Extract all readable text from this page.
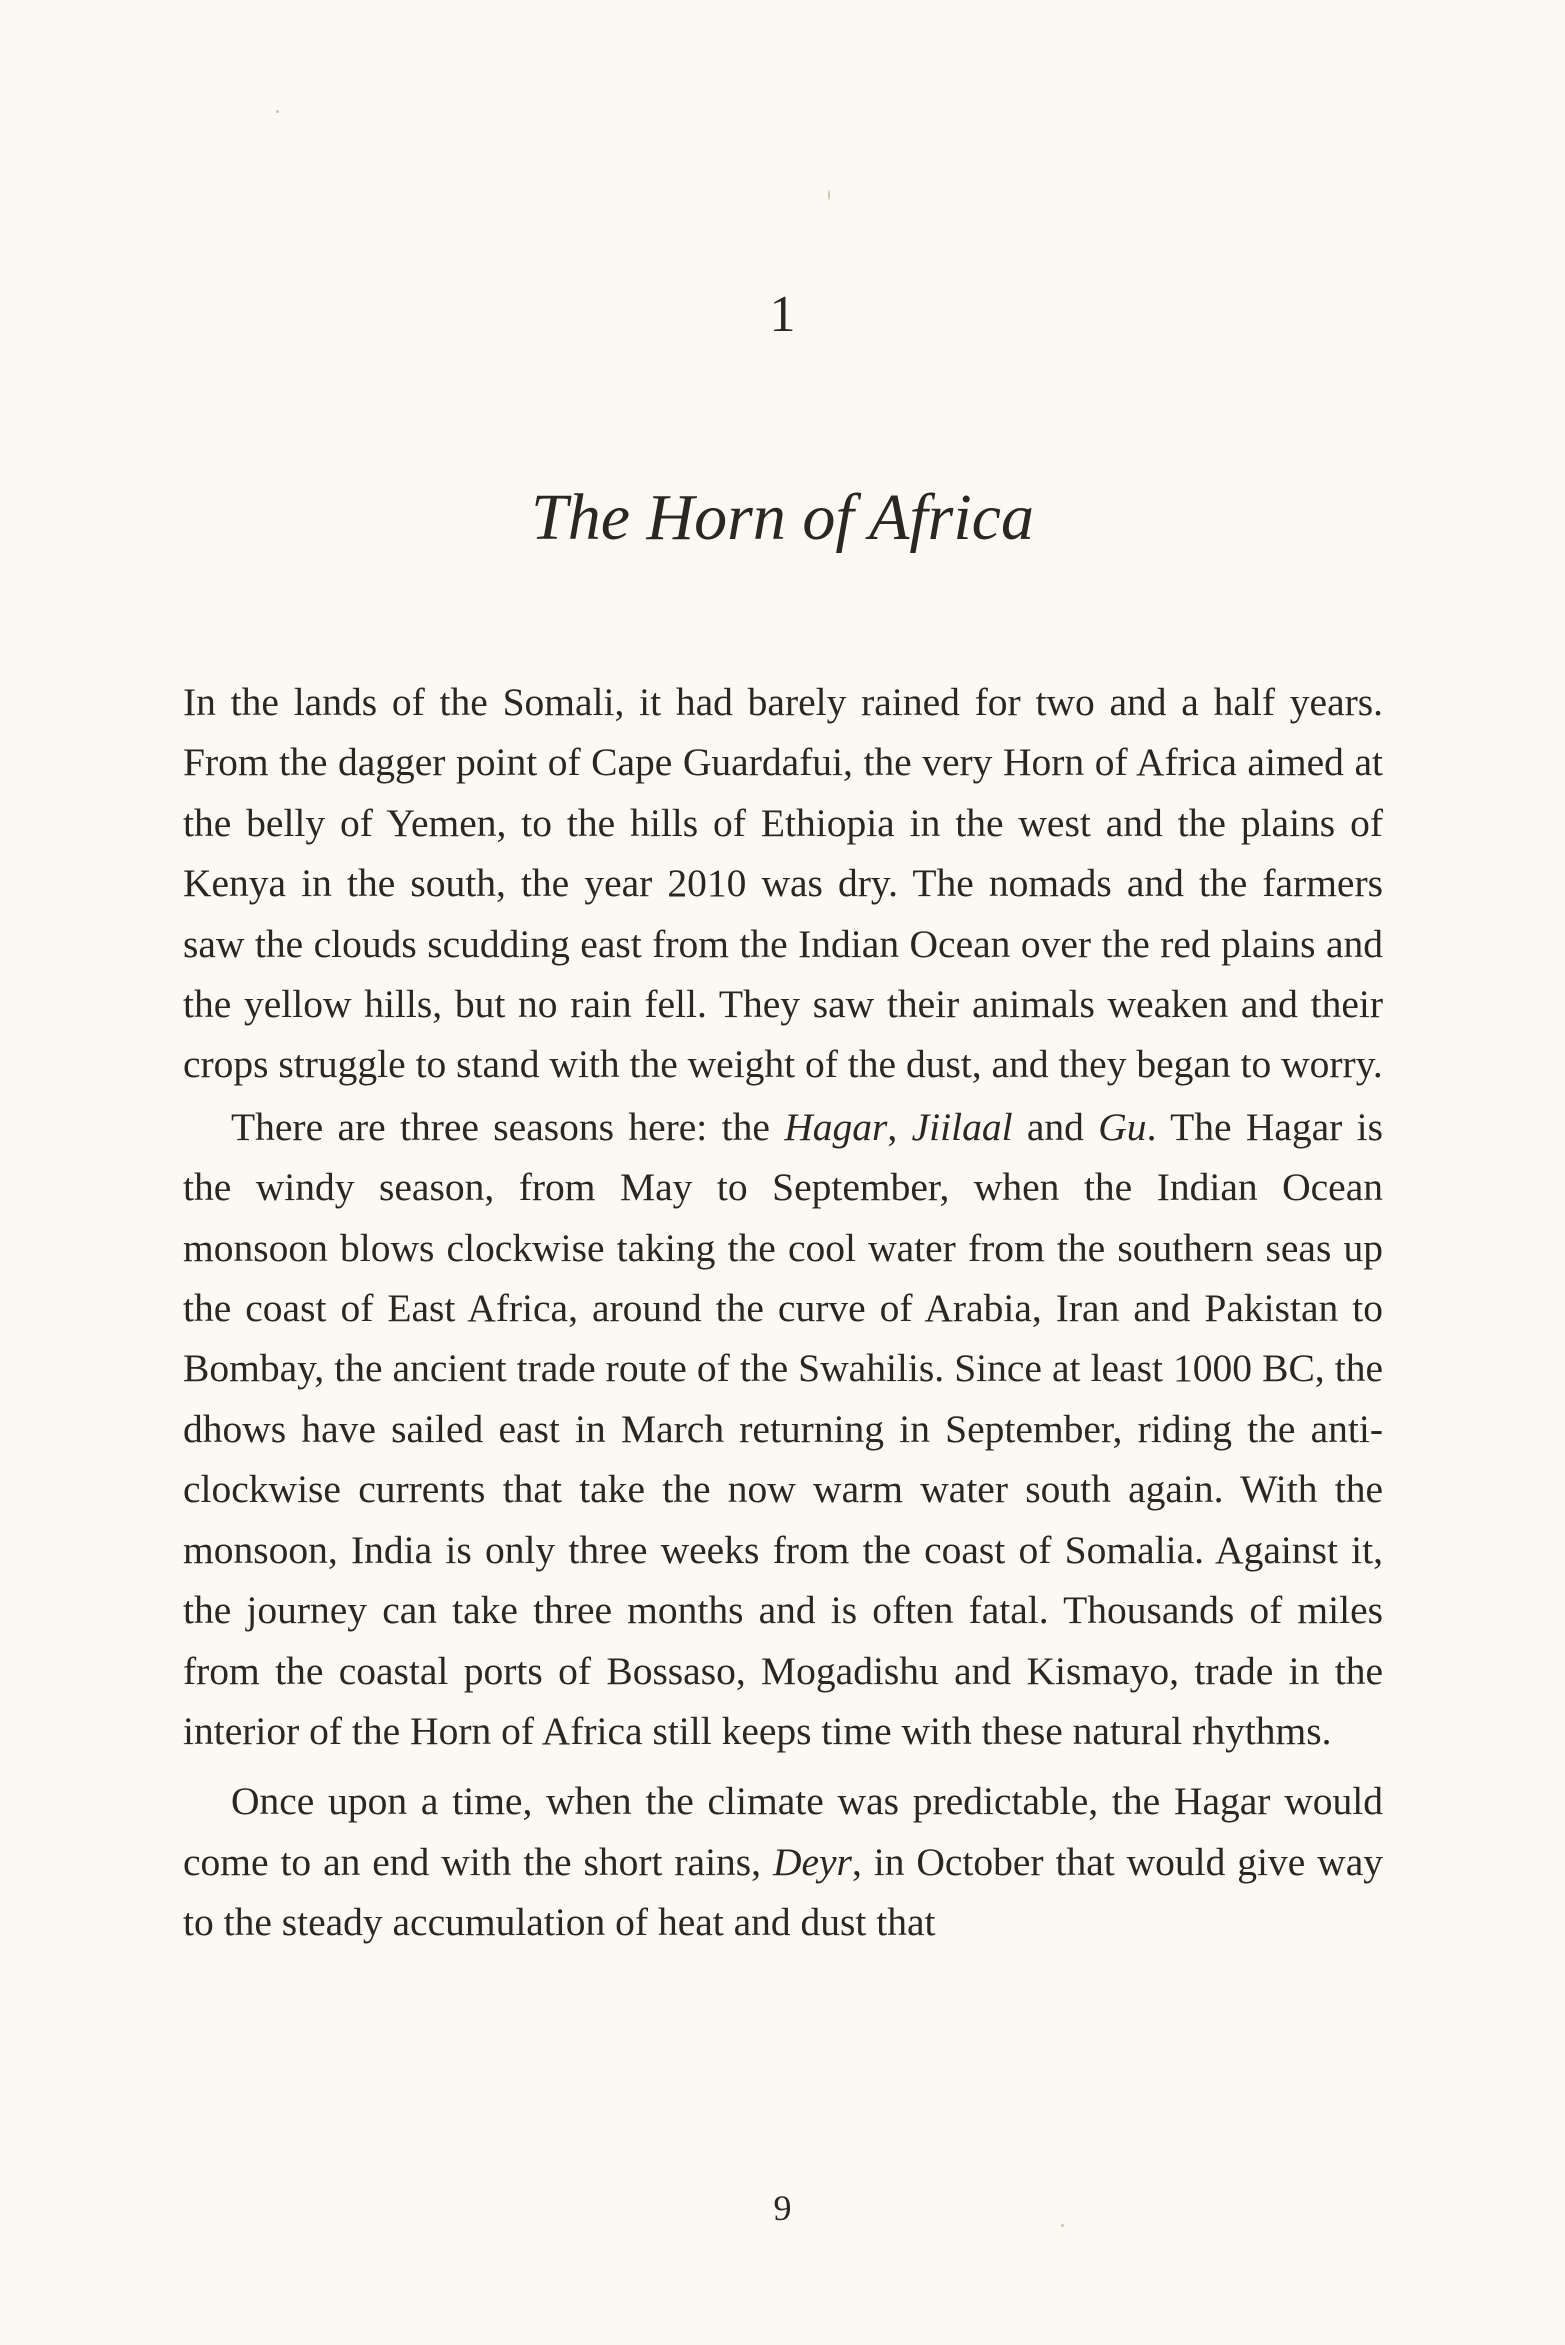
1
The Horn of Africa

In the lands of the Somali, it had barely rained for two and a half years. From the dagger point of Cape Guardafui, the very Horn of Africa aimed at the belly of Yemen, to the hills of Ethiopia in the west and the plains of Kenya in the south, the year 2010 was dry. The nomads and the farmers saw the clouds scudding east from the Indian Ocean over the red plains and the yellow hills, but no rain fell. They saw their animals weaken and their crops struggle to stand with the weight of the dust, and they began to worry.

There are three seasons here: the Hagar, Jiilaal and Gu. The Hagar is the windy season, from May to September, when the Indian Ocean monsoon blows clockwise taking the cool water from the southern seas up the coast of East Africa, around the curve of Arabia, Iran and Pakistan to Bombay, the ancient trade route of the Swahilis. Since at least 1000 BC, the dhows have sailed east in March returning in September, riding the anticlockwise currents that take the now warm water south again. With the monsoon, India is only three weeks from the coast of Somalia. Against it, the journey can take three months and is often fatal. Thousands of miles from the coastal ports of Bossaso, Mogadishu and Kismayo, trade in the interior of the Horn of Africa still keeps time with these natural rhythms.

Once upon a time, when the climate was predictable, the Hagar would come to an end with the short rains, Deyr, in October that would give way to the steady accumulation of heat and dust that

9
